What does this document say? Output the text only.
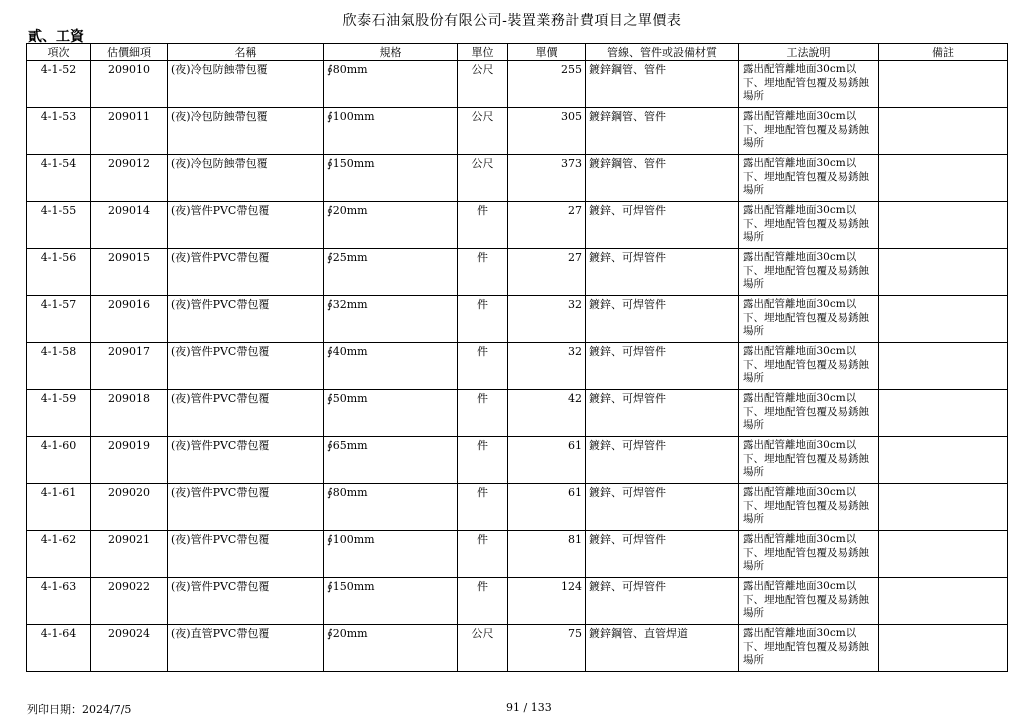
欣泰石油氣股份有限公司-裝置業務計費項目之單價表
貳、工資
項次	估價細項	名稱	規格	單位	單價	管線、管件或設備材質	工法說明	備註
4-1-52	209010	(夜)冷包防蝕帶包覆	∮80mm	公尺	255	鍍鋅鋼管、管件	露出配管離地面30cm以下、埋地配管包覆及易銹蝕場所	
4-1-53	209011	(夜)冷包防蝕帶包覆	∮100mm	公尺	305	鍍鋅鋼管、管件	露出配管離地面30cm以下、埋地配管包覆及易銹蝕場所	
4-1-54	209012	(夜)冷包防蝕帶包覆	∮150mm	公尺	373	鍍鋅鋼管、管件	露出配管離地面30cm以下、埋地配管包覆及易銹蝕場所	
4-1-55	209014	(夜)管件PVC帶包覆	∮20mm	件	27	鍍鋅、可焊管件	露出配管離地面30cm以下、埋地配管包覆及易銹蝕場所	
4-1-56	209015	(夜)管件PVC帶包覆	∮25mm	件	27	鍍鋅、可焊管件	露出配管離地面30cm以下、埋地配管包覆及易銹蝕場所	
4-1-57	209016	(夜)管件PVC帶包覆	∮32mm	件	32	鍍鋅、可焊管件	露出配管離地面30cm以下、埋地配管包覆及易銹蝕場所	
4-1-58	209017	(夜)管件PVC帶包覆	∮40mm	件	32	鍍鋅、可焊管件	露出配管離地面30cm以下、埋地配管包覆及易銹蝕場所	
4-1-59	209018	(夜)管件PVC帶包覆	∮50mm	件	42	鍍鋅、可焊管件	露出配管離地面30cm以下、埋地配管包覆及易銹蝕場所	
4-1-60	209019	(夜)管件PVC帶包覆	∮65mm	件	61	鍍鋅、可焊管件	露出配管離地面30cm以下、埋地配管包覆及易銹蝕場所	
4-1-61	209020	(夜)管件PVC帶包覆	∮80mm	件	61	鍍鋅、可焊管件	露出配管離地面30cm以下、埋地配管包覆及易銹蝕場所	
4-1-62	209021	(夜)管件PVC帶包覆	∮100mm	件	81	鍍鋅、可焊管件	露出配管離地面30cm以下、埋地配管包覆及易銹蝕場所	
4-1-63	209022	(夜)管件PVC帶包覆	∮150mm	件	124	鍍鋅、可焊管件	露出配管離地面30cm以下、埋地配管包覆及易銹蝕場所	
4-1-64	209024	(夜)直管PVC帶包覆	∮20mm	公尺	75	鍍鋅鋼管、直管焊道	露出配管離地面30cm以下、埋地配管包覆及易銹蝕場所	
列印日期：2024/7/5	91 / 133
